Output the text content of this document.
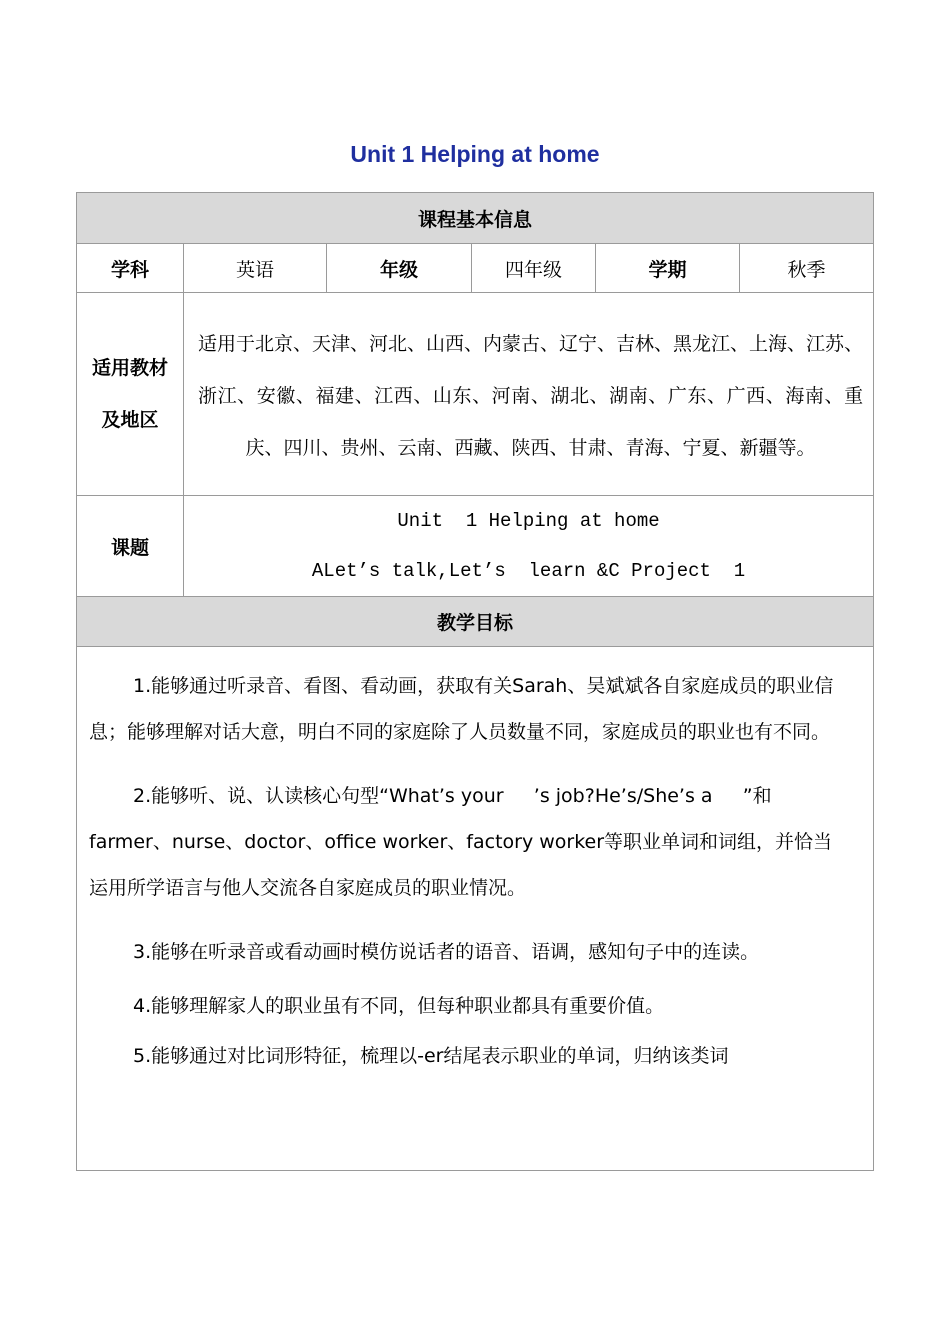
Unit 1 Helping at home
课程基本信息					
学科	英语	年级	四年级	学期	秋季
适用教材及地区	适用于北京、天津、河北、山西、内蒙古、辽宁、吉林、黑龙江、上海、江苏、浙江、安徽、福建、江西、山东、河南、湖北、湖南、广东、广西、海南、重庆、四川、贵州、云南、西藏、陕西、甘肃、青海、宁夏、新疆等。				
课题	Unit  1 Helping at home
ALet’s talk,Let’s  learn &C Project  1				

教学目标					

1.能够通过听录音、看图、看动画，获取有关Sarah、吴斌斌各自家庭成员的职业信息；能够理解对话大意，明白不同的家庭除了人员数量不同，家庭成员的职业也有不同。

2.能够听、说、认读核心句型“What’s your     ’s job?He’s/She’s a     ”和farmer、nurse、doctor、office worker、factory worker等职业单词和词组，并恰当运用所学语言与他人交流各自家庭成员的职业情况。

3.能够在听录音或看动画时模仿说话者的语音、语调，感知句子中的连读。

4.能够理解家人的职业虽有不同，但每种职业都具有重要价值。

5.能够通过对比词形特征，梳理以-er结尾表示职业的单词，归纳该类词					
